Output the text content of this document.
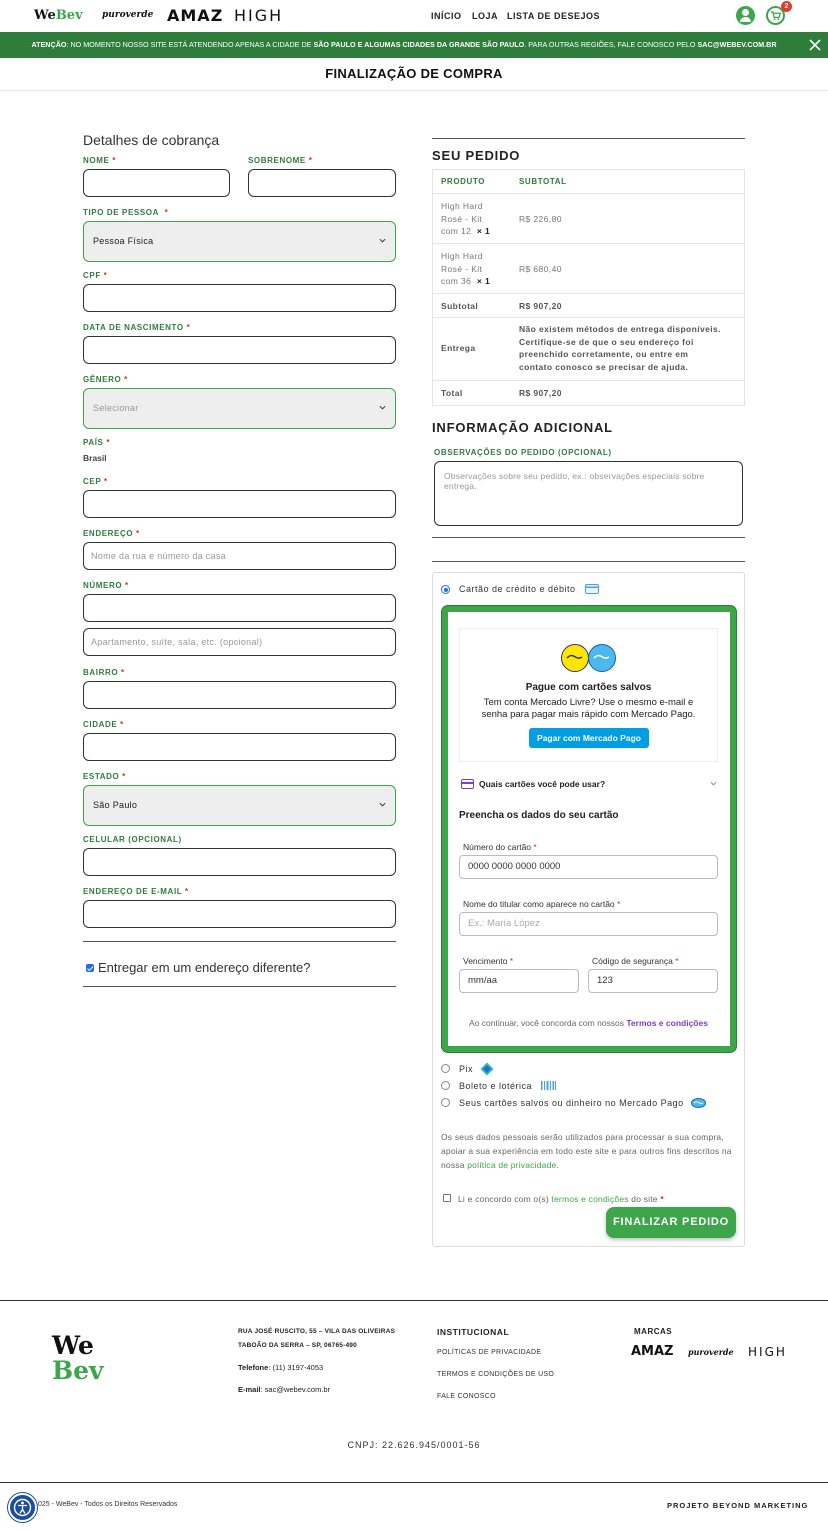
WeBev puroverde AMAZ HIGH	INÍCIO LOJA LISTA DE DESEJOS
2
ATENÇÃO: NO MOMENTO NOSSO SITE ESTÁ ATENDENDO APENAS A CIDADE DE SÃO PAULO E ALGUMAS CIDADES DA GRANDE SÃO PAULO. PARA OUTRAS REGIÕES, FALE CONOSCO PELO SAC@WEBEV.COM.BR
FINALIZAÇÃO DE COMPRA
Detalhes de cobrança
NOME *	SOBRENOME *
TIPO DE PESSOA *
Pessoa Física
CPF *
DATA DE NASCIMENTO *
GÊNERO *
Selecionar
PAÍS *
Brasil
CEP *
ENDEREÇO *
Nome da rua e número da casa
NÚMERO *
Apartamento, suíte, sala, etc. (opcional)
BAIRRO *
CIDADE *
ESTADO *
São Paulo
CELULAR (OPCIONAL)
ENDEREÇO DE E-MAIL *
Entregar em um endereço diferente?
SEU PEDIDO
PRODUTO	SUBTOTAL
High Hard
Rosé - Kit
com 12 × 1
R$ 226,80
High Hard
Rosé - Kit
com 36 × 1
R$ 680,40
Subtotal	R$ 907,20
Entrega
Não existem métodos de entrega disponíveis.
Certifique-se de que o seu endereço foi
preenchido corretamente, ou entre em
contato conosco se precisar de ajuda.
Total	R$ 907,20
INFORMAÇÃO ADICIONAL
OBSERVAÇÕES DO PEDIDO (OPCIONAL)
Observações sobre seu pedido, ex.: observações especiais sobre entrega.
Cartão de crédito e débito
Pague com cartões salvos
Tem conta Mercado Livre? Use o mesmo e-mail e
senha para pagar mais rápido com Mercado Pago.
Pagar com Mercado Pago
Quais cartões você pode usar?
Preencha os dados do seu cartão
Número do cartão *
0000 0000 0000 0000
Nome do titular como aparece no cartão *
Ex.: María López
Vencimento *
mm/aa
Código de segurança *
123
Ao continuar, você concorda com nossos Termos e condições
Pix
Boleto e lotérica
Seus cartões salvos ou dinheiro no Mercado Pago
Os seus dados pessoais serão utilizados para processar a sua compra, apoiar a sua experiência em todo este site e para outros fins descritos na nossa política de privacidade.
Li e concordo com o(s) termos e condições do site *
FINALIZAR PEDIDO
We
Bev
RUA JOSÉ RUSCITO, 55 – VILA DAS OLIVEIRAS
TABOÃO DA SERRA – SP, 06765-490
Telefone: (11) 3197-4053
E-mail: sac@webev.com.br
INSTITUCIONAL
POLÍTICAS DE PRIVACIDADE
TERMOS E CONDIÇÕES DE USO
FALE CONOSCO
MARCAS
AMAZ puroverde HIGH
CNPJ: 22.626.945/0001-56
025 - WeBev - Todos os Direitos Reservados	PROJETO BEYOND MARKETING
